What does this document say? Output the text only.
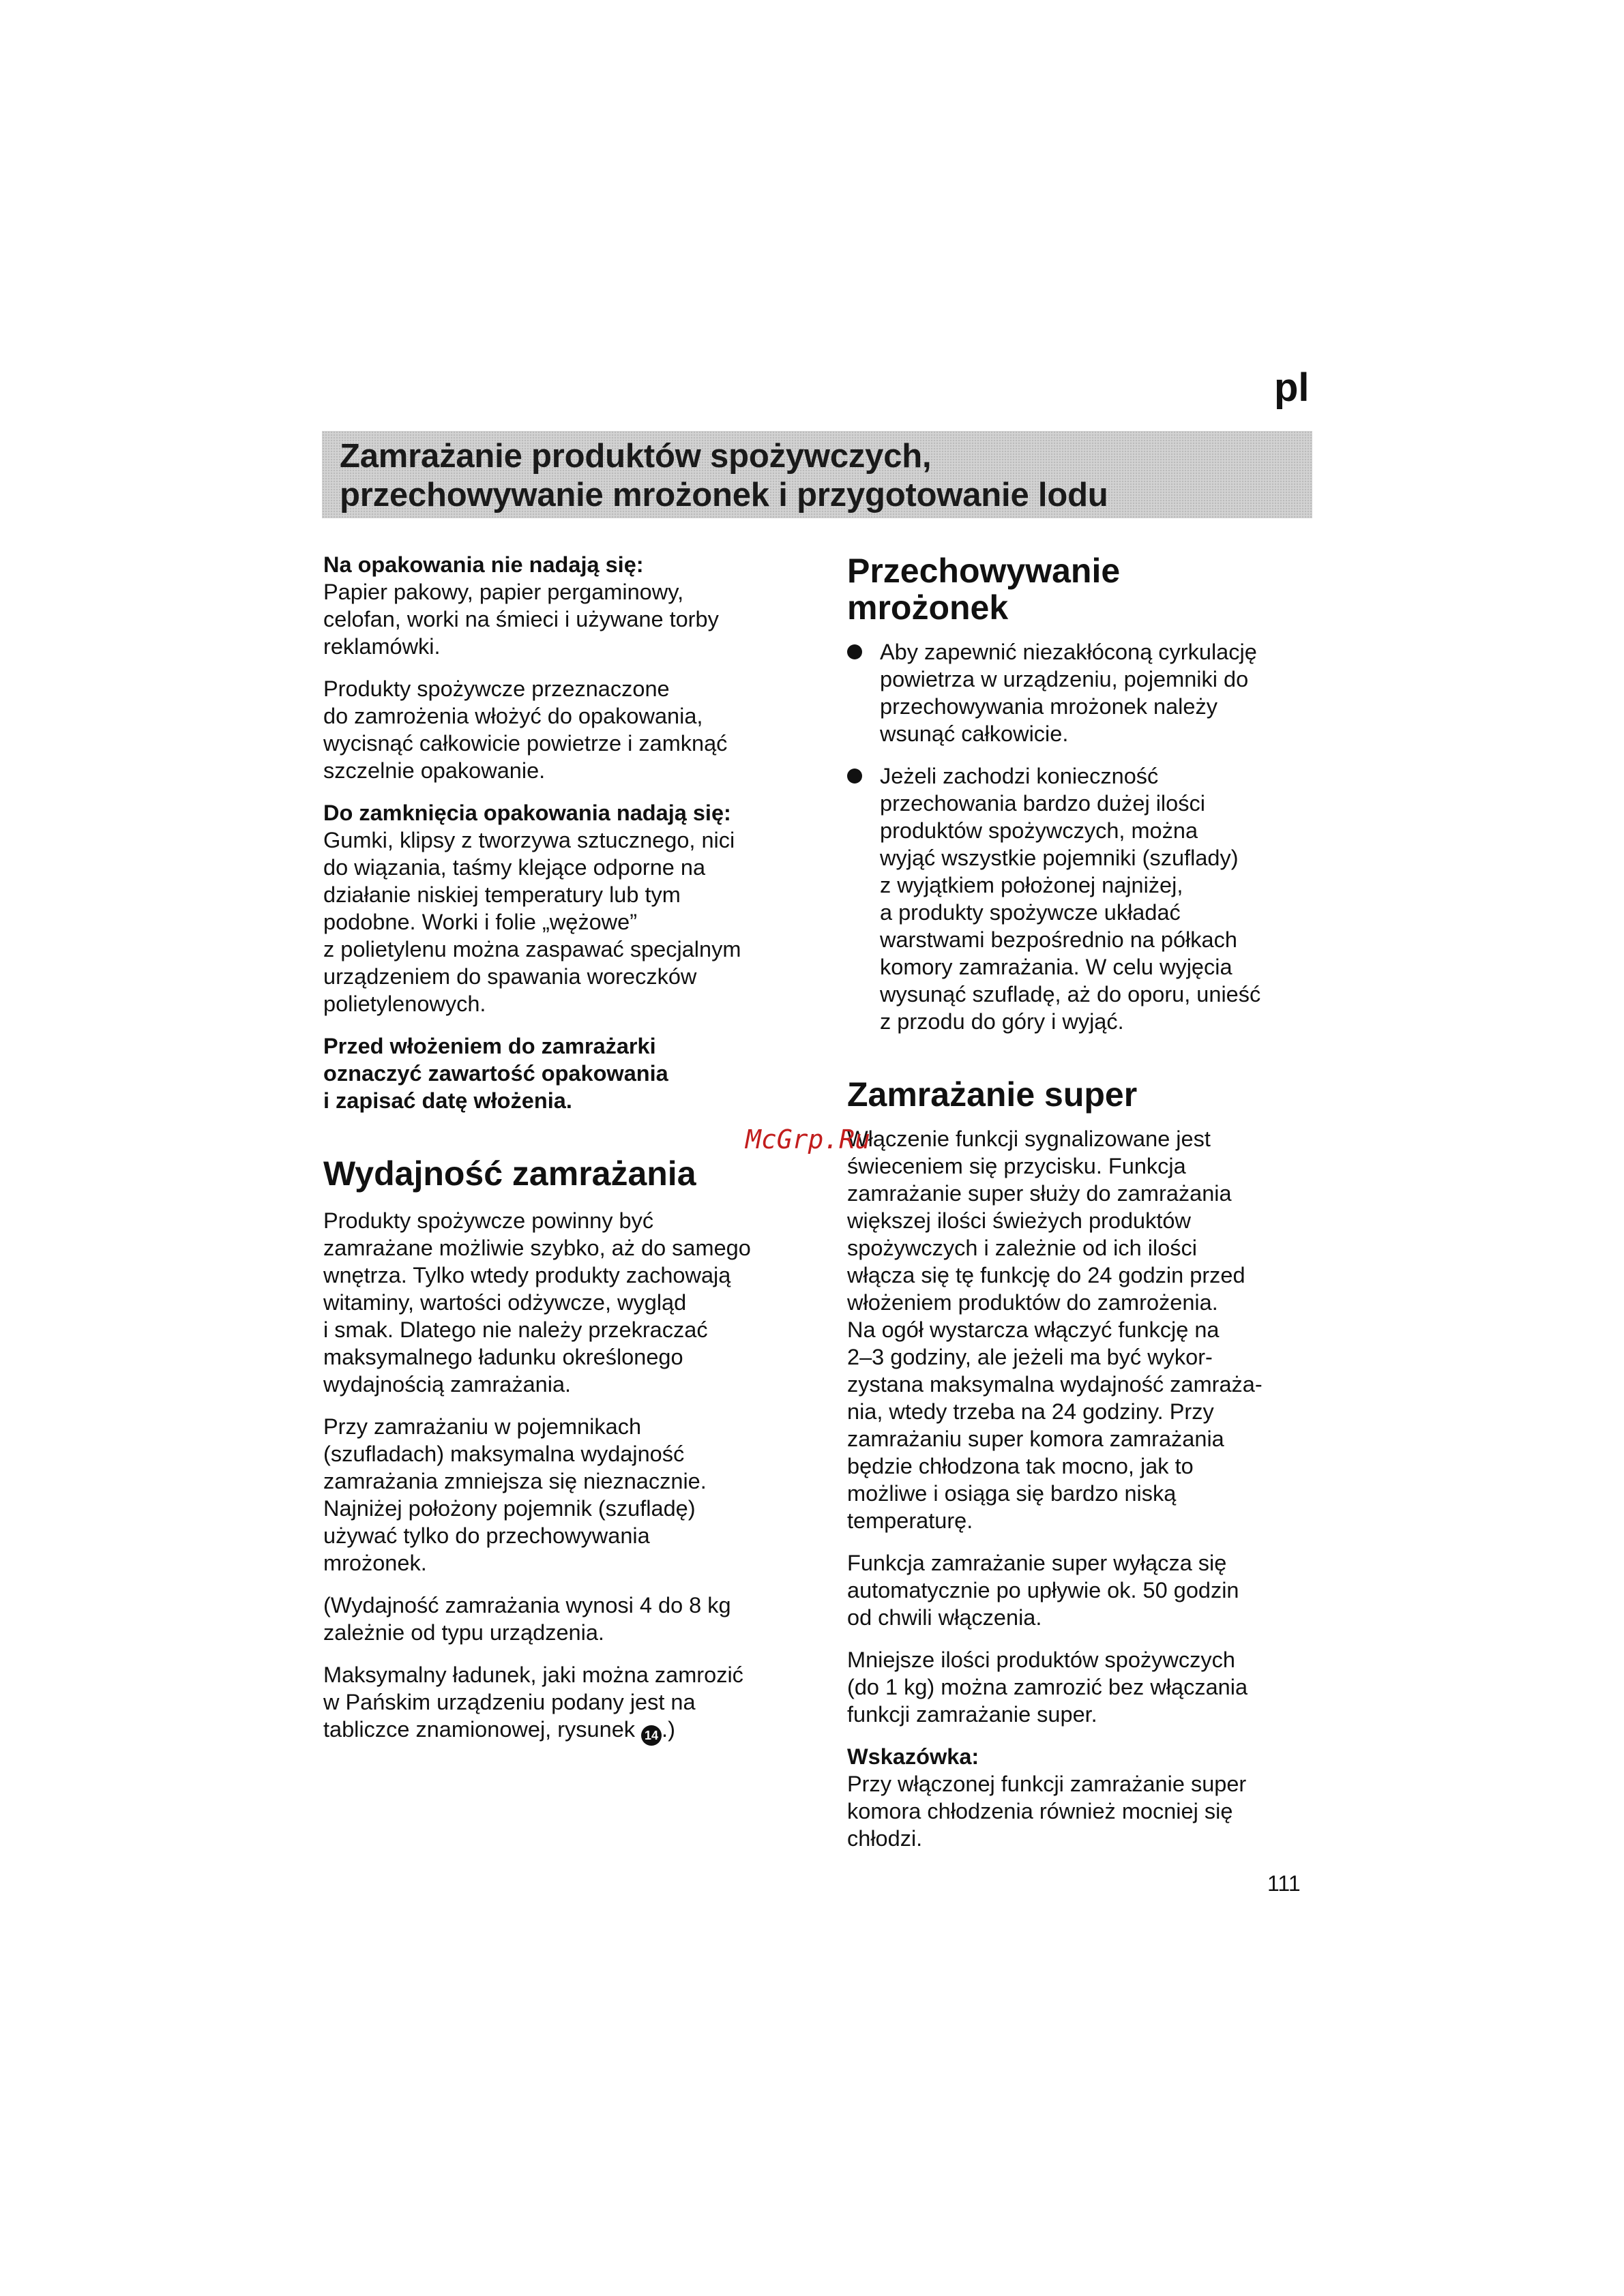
pl
Zamrażanie produktów spożywczych,
przechowywanie mrożonek i przygotowanie lodu

Na opakowania nie nadają się:
Papier pakowy, papier pergaminowy,
celofan, worki na śmieci i używane torby
reklamówki.

Produkty spożywcze przeznaczone
do zamrożenia włożyć do opakowania,
wycisnąć całkowicie powietrze i zamknąć
szczelnie opakowanie.

Do zamknięcia opakowania nadają się:
Gumki, klipsy z tworzywa sztucznego, nici
do wiązania, taśmy klejące odporne na
działanie niskiej temperatury lub tym
podobne. Worki i folie „wężowe”
z polietylenu można zaspawać specjalnym
urządzeniem do spawania woreczków
polietylenowych.

Przed włożeniem do zamrażarki
oznaczyć zawartość opakowania
i zapisać datę włożenia.

Wydajność zamrażania

Produkty spożywcze powinny być
zamrażane możliwie szybko, aż do samego
wnętrza. Tylko wtedy produkty zachowają
witaminy, wartości odżywcze, wygląd
i smak. Dlatego nie należy przekraczać
maksymalnego ładunku określonego
wydajnością zamrażania.

Przy zamrażaniu w pojemnikach
(szufladach) maksymalna wydajność
zamrażania zmniejsza się nieznacznie.
Najniżej położony pojemnik (szufladę)
używać tylko do przechowywania
mrożonek.

(Wydajność zamrażania wynosi 4 do 8 kg
zależnie od typu urządzenia.

Maksymalny ładunek, jaki można zamrozić
w Pańskim urządzeniu podany jest na
tabliczce znamionowej, rysunek 14 .)

Przechowywanie
mrożonek
Aby zapewnić niezakłóconą cyrkulację
powietrza w urządzeniu, pojemniki do
przechowywania mrożonek należy
wsunąć całkowicie.
Jeżeli zachodzi konieczność
przechowania bardzo dużej ilości
produktów spożywczych, można
wyjąć wszystkie pojemniki (szuflady)
z wyjątkiem położonej najniżej,
a produkty spożywcze układać
warstwami bezpośrednio na półkach
komory zamrażania. W celu wyjęcia
wysunąć szufladę, aż do oporu, unieść
z przodu do góry i wyjąć.
Zamrażanie super

Włączenie funkcji sygnalizowane jest
świeceniem się przycisku. Funkcja
zamrażanie super służy do zamrażania
większej ilości świeżych produktów
spożywczych i zależnie od ich ilości
włącza się tę funkcję do 24 godzin przed
włożeniem produktów do zamrożenia.
Na ogół wystarcza włączyć funkcję na
2–3 godziny, ale jeżeli ma być wykor-
zystana maksymalna wydajność zamraża-
nia, wtedy trzeba na 24 godziny. Przy
zamrażaniu super komora zamrażania
będzie chłodzona tak mocno, jak to
możliwe i osiąga się bardzo niską
temperaturę.

Funkcja zamrażanie super wyłącza się
automatycznie po upływie ok. 50 godzin
od chwili włączenia.

Mniejsze ilości produktów spożywczych
(do 1 kg) można zamrozić bez włączania
funkcji zamrażanie super.

Wskazówka:
Przy włączonej funkcji zamrażanie super
komora chłodzenia również mocniej się
chłodzi.

McGrp.Ru
111
